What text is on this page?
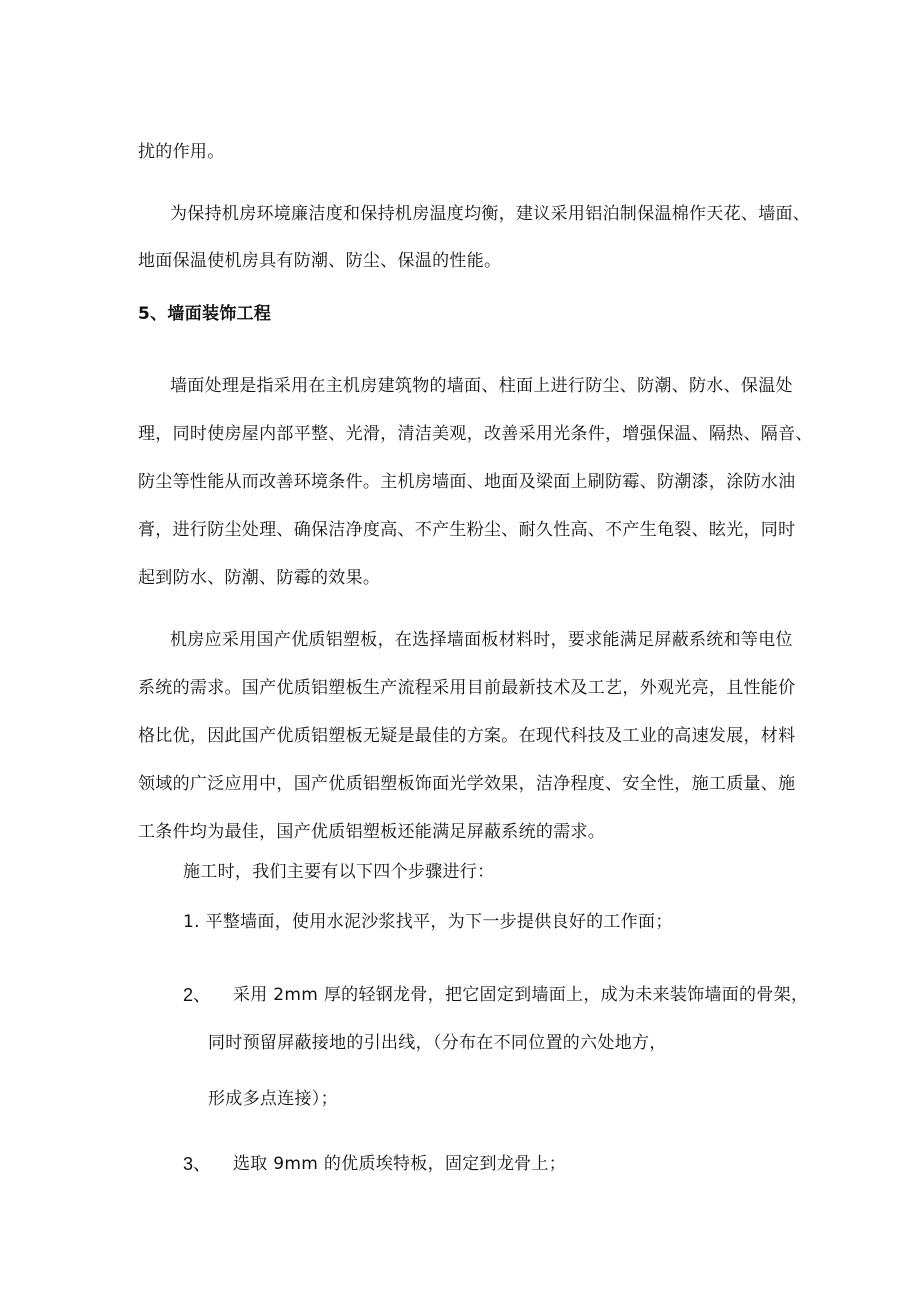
扰的作用。
为保持机房环境廉洁度和保持机房温度均衡，建议采用铝泊制保温棉作天花、墙面、
地面保温使机房具有防潮、防尘、保温的性能。
5、墙面装饰工程
墙面处理是指采用在主机房建筑物的墙面、柱面上进行防尘、防潮、防水、保温处
理，同时使房屋内部平整、光滑，清洁美观，改善采用光条件，增强保温、隔热、隔音、
防尘等性能从而改善环境条件。主机房墙面、地面及梁面上刷防霉、防潮漆，涂防水油
膏，进行防尘处理、确保洁净度高、不产生粉尘、耐久性高、不产生龟裂、眩光，同时
起到防水、防潮、防霉的效果。
机房应采用国产优质铝塑板，在选择墙面板材料时，要求能满足屏蔽系统和等电位
系统的需求。国产优质铝塑板生产流程采用目前最新技术及工艺，外观光亮，且性能价
格比优，因此国产优质铝塑板无疑是最佳的方案。在现代科技及工业的高速发展，材料
领域的广泛应用中，国产优质铝塑板饰面光学效果，洁净程度、安全性，施工质量、施
工条件均为最佳，国产优质铝塑板还能满足屏蔽系统的需求。
施工时，我们主要有以下四个步骤进行：
1. 平整墙面，使用水泥沙浆找平，为下一步提供良好的工作面；
2、 采用 2mm 厚的轻钢龙骨，把它固定到墙面上，成为未来装饰墙面的骨架，
同时预留屏蔽接地的引出线，（分布在不同位置的六处地方，
形成多点连接）；
3、 选取 9mm 的优质埃特板，固定到龙骨上；
